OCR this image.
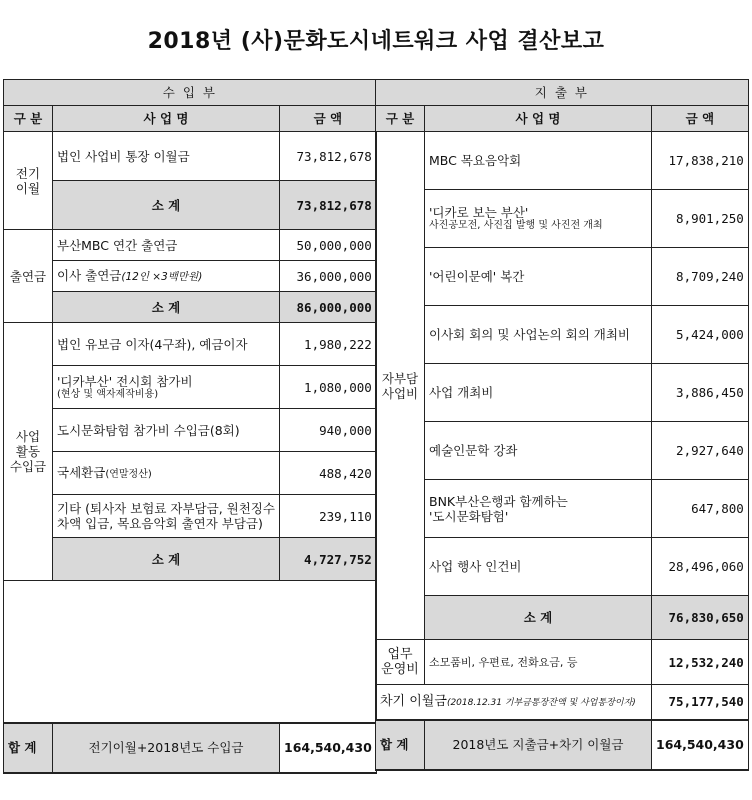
2018년 (사)문화도시네트워크 사업 결산보고
수 입 부		
구 분	사 업 명	금 액
전기
이월	법인 사업비 통장 이월금	73,812,678
	소 계	73,812,678
출연금	부산MBC 연간 출연금	50,000,000
	이사 출연금(12인 ×3백만원)	36,000,000
	소 계	86,000,000
사업
활동
수입금	법인 유보금 이자(4구좌), 예금이자	1,980,222

	'디카부산' 전시회 참가비
(현상 및 액자제작비용)	1,080,000
	도시문화탐험 참가비 수입금(8회)	940,000
	국세환급(연말정산)	488,420
	기타 (퇴사자 보험료 자부담금, 원천징수 차액 입금, 목요음악회 출연자 부담금)	239,110
	소 계	4,727,752

합 계	전기이월+2018년도 수입금	164,540,430
지 출 부		
구 분	사 업 명	금 액
자부담
사업비	MBC 목요음악회	17,838,210

	'디카로 보는 부산'
사진공모전, 사진집 발행 및 사진전 개최	8,901,250
	'어린이문예' 복간	8,709,240
	이사회 회의 및 사업논의 회의 개최비	5,424,000
	사업 개최비	3,886,450
	예술인문학 강좌	2,927,640

	BNK부산은행과 함께하는
'도시문화탐험'	647,800
	사업 행사 인건비	28,496,060
	소 계	76,830,650
업무
운영비	소모품비, 우편료, 전화요금, 등	12,532,240
차기 이월금(2018.12.31 기부금통장잔액 및 사업통장이자)		75,177,540
합 계	2018년도 지출금+차기 이월금	164,540,430
